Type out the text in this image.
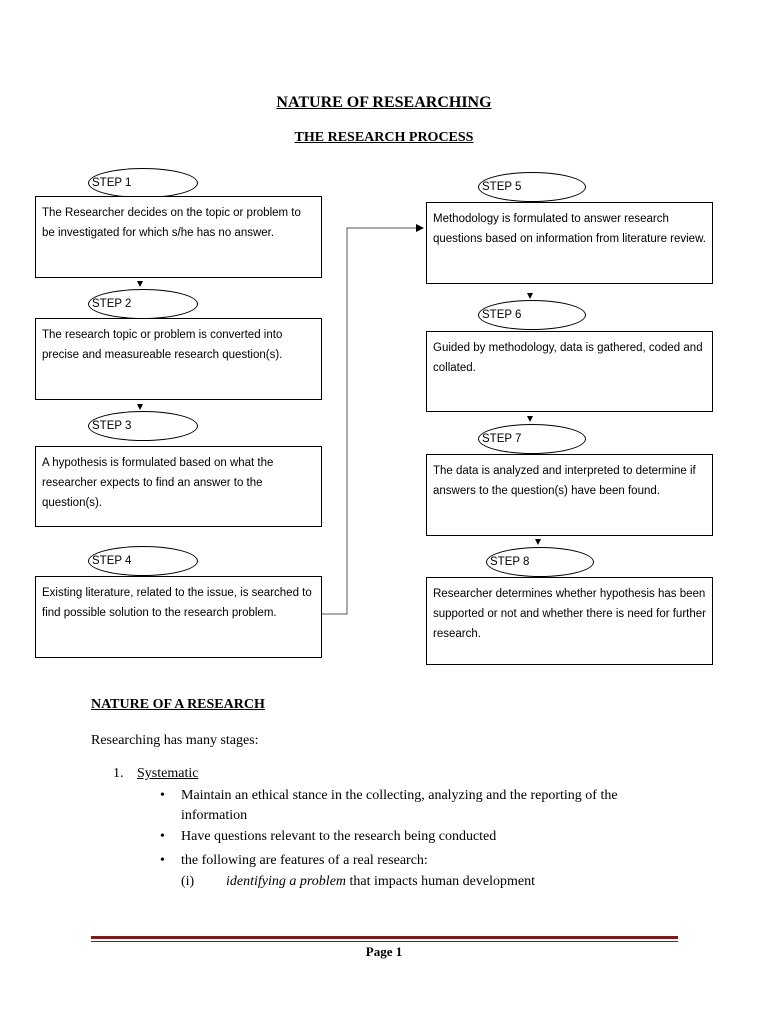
NATURE OF RESEARCHING
THE RESEARCH PROCESS
STEP 1
The Researcher decides on the topic or problem to be investigated for which s/he has no answer.
STEP 2
The research topic or problem is converted into precise and measureable research question(s).
STEP 3
A hypothesis is formulated based on what the researcher expects to find an answer to the question(s).
STEP 4
Existing literature, related to the issue, is searched to find possible solution to the research problem.
STEP 5
Methodology is formulated to answer research questions based on information from literature review.
STEP 6
Guided by methodology, data is gathered, coded and collated.
STEP 7
The data is analyzed and interpreted to determine if answers to the question(s) have been found.
STEP 8
Researcher determines whether hypothesis has been supported or not and whether there is need for further research.
NATURE OF A RESEARCH
Researching has many stages:
1. Systematic
• Maintain an ethical stance in the collecting, analyzing and the reporting of the information
• Have questions relevant to the research being conducted
• the following are features of a real research:
(i) identifying a problem that impacts human development
Page 1
